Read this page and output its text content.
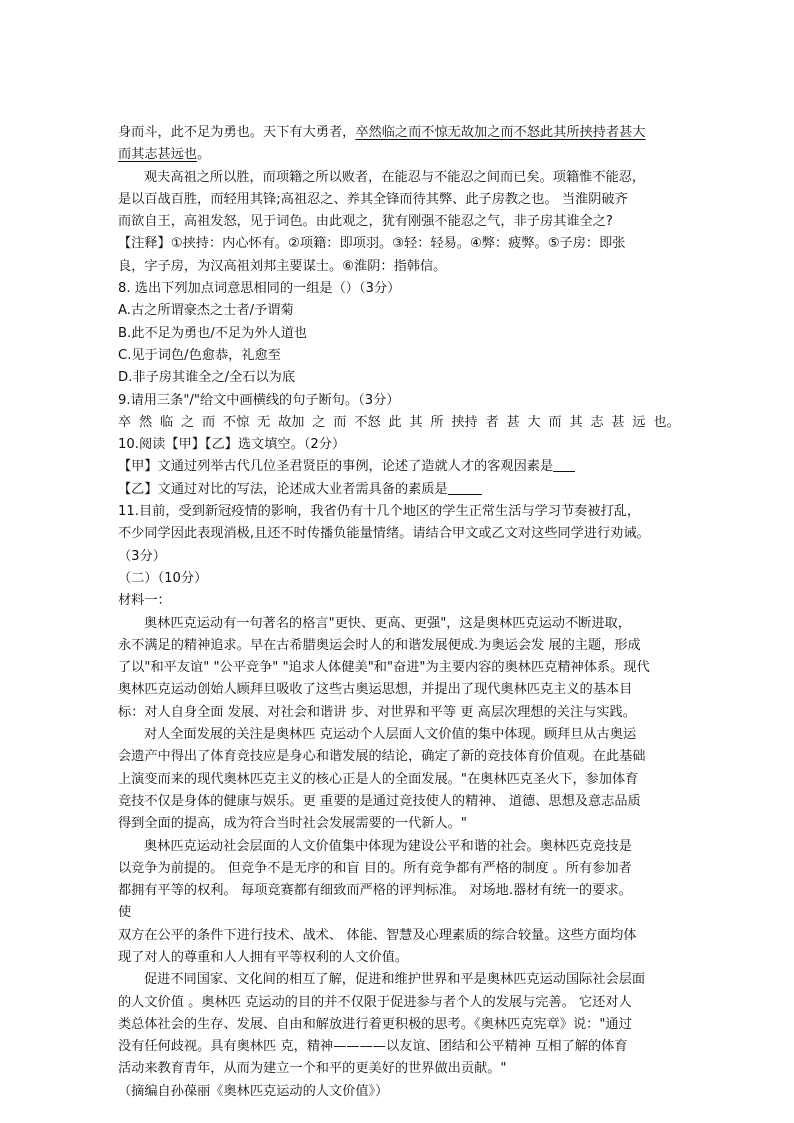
身而斗，此不足为勇也。天下有大勇者，卒然临之而不惊无故加之而不怒此其所挟持者甚大
而其志甚远也。
观夫高祖之所以胜，而项籍之所以败者，在能忍与不能忍之间而已矣。项籍惟不能忍，
是以百战百胜，而轻用其锋;高祖忍之、养其全锋而待其弊、此子房教之也。 当淮阴破齐
而欲自王，高祖发怒，见于词色。由此观之，犹有刚强不能忍之气，非子房其谁全之?
【注释】①挟持：内心怀有。②项籍：即项羽。③轻：轻易。④弊：疲弊。⑤子房：即张
良，字子房，为汉高祖刘邦主要谋士。⑥淮阴：指韩信。
8. 选出下列加点词意思相同的一组是（）（3分）
A.古之所谓豪杰之士者/予谓菊
B.此不足为勇也/不足为外人道也
C.见于词色/色愈恭，礼愈至
D.非子房其谁全之/全石以为底
9.请用三条"/"给文中画横线的句子断句。（3分）
卒 然 临 之 而 不惊 无 故加 之 而 不怒 此 其 所 挟持 者 甚 大 而 其 志 甚 远 也。
10.阅读【甲】【乙】选文填空。（2分）
【甲】文通过列举古代几位圣君贤臣的事例，论述了造就人才的客观因素是
【乙】文通过对比的写法，论述成大业者需具备的素质是
11.目前，受到新冠疫情的影响，我省仍有十几个地区的学生正常生活与学习节奏被打乱，
不少同学因此表现消极,且还不时传播负能量情绪。请结合甲文或乙文对这些同学进行劝诫。
（3分）
（二）（10分）
材料一：
奥林匹克运动有一句著名的格言"更快、更高、更强"，这是奥林匹克运动不断进取，
永不满足的精神追求。早在古希腊奥运会时人的和谐发展便成.为奥运会发 展的主题，形成
了以"和平友谊" "公平竞争" "追求人体健美"和"奋进"为主要内容的奥林匹克精神体系。现代
奥林匹克运动创始人顾拜旦吸收了这些古奥运思想，并提出了现代奥林匹克主义的基本目
标：对人自身全面 发展、对社会和谐讲 步、对世界和平等 更 高层次理想的关注与实践。
对人全面发展的关注是奥林匹 克运动个人层面人文价值的集中体现。顾拜旦从古奥运
会遗产中得出了体育竞技应是身心和谐发展的结论，确定了新的竞技体育价值观。在此基础
上演变而来的现代奥林匹克主义的核心正是人的全面发展。"在奥林匹克圣火下，参加体育
竞技不仅是身体的健康与娱乐。更 重要的是通过竞技使人的精神、 道德、思想及意志品质
得到全面的提高，成为符合当时社会发展需要的一代新人。"
奥林匹克运动社会层面的人文价值集中体现为建设公平和谐的社会。奥林匹克竞技是
以竞争为前提的。 但竞争不是无序的和盲 目的。所有竞争都有严格的制度 。所有参加者
都拥有平等的权利。 每项竞赛都有细致而严格的评判标准。 对场地.器材有统一的要求。
使
双方在公平的条件下进行技术、战术、 体能、智慧及心理素质的综合较量。这些方面均体
现了对人的尊重和人人拥有平等权利的人文价值。
促进不同国家、文化间的相互了解，促进和维护世界和平是奥林匹克运动国际社会层面
的人文价值 。奥林匹 克运动的目的并不仅限于促进参与者个人的发展与完善。 它还对人
类总体社会的生存、发展、自由和解放进行着更积极的思考。《奥林匹克宪章》说："通过
没有任何歧视。具有奥林匹 克，精神————以友谊、团结和公平精神 互相了解的体育
活动来教育青年，从而为建立一个和平的更美好的世界做出贡献。"
（摘编自孙葆丽《奥林匹克运动的人文价值》）
